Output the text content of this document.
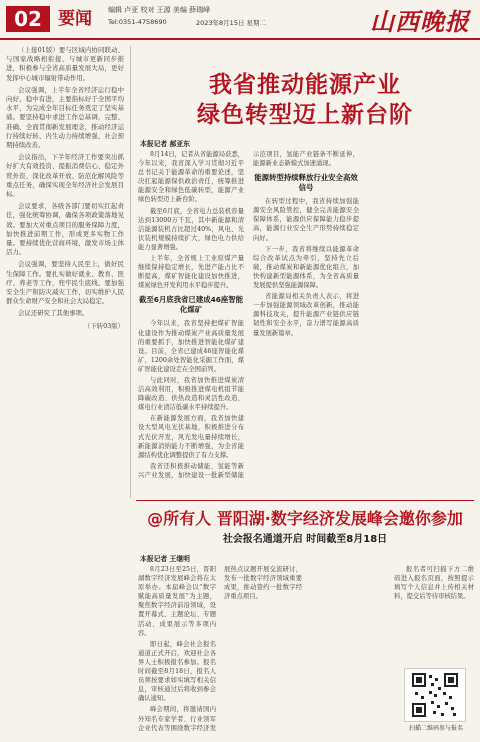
02 要闻 编辑 卢亚 校对 王源 美编 薛瑞峰
Tel:0351-4758690	2023年8月15日 星期二	山西晚报

（上接01版）要与区域内协同联动、与国家战略相衔接、与城市更新同步推进，积极参与全省高质量发展大局，更好发挥中心城市辐射带动作用。

会议强调，上半年全省经济运行稳中向好、稳中有进，主要指标好于全国平均水平，为完成全年目标任务奠定了坚实基础。要坚持稳中求进工作总基调，完整、准确、全面贯彻新发展理念，推动经济运行持续好转、内生动力持续增强、社会预期持续改善。

会议指出，下半年经济工作要突出抓好扩大有效投资、提振消费信心、稳定外贸外资、深化改革开放、防范化解风险等重点任务，确保实现全年经济社会发展目标。

会议要求，各级各部门要切实扛起责任，强化统筹协调，确保各项政策落地见效。要加大对重点项目的服务保障力度，加快推进前期工作，形成更多实物工作量。要持续优化营商环境，激发市场主体活力。

会议强调，要坚持人民至上，做好民生保障工作。要扎实做好就业、教育、医疗、养老等工作，兜牢民生底线。要加强安全生产和防灾减灾工作，切实维护人民群众生命财产安全和社会大局稳定。

会议还研究了其他事项。

（下转03版）

我省推动能源产业
绿色转型迈上新台阶
本报记者 郝亚东

8月14日，记者从省能源局获悉，今年以来，我省深入学习贯彻习近平总书记关于能源革命的重要论述，坚决扛起能源保供政治责任，统筹推进能源安全和绿色低碳转型，能源产业绿色转型迈上新台阶。

截至6月底，全省电力总装机容量达到13000万千瓦，其中新能源和清洁能源装机占比超过40%，风电、光伏装机规模持续扩大，绿色电力供给能力显著增强。

上半年，全省规上工业原煤产量继续保持稳定增长，先进产能占比不断提高，煤矿智能化建设加快推进，煤炭绿色开发利用水平稳步提升。

截至6月底我省已建成46座智能化煤矿

今年以来，我省坚持把煤矿智能化建设作为推动煤炭产业高质量发展的重要抓手，加快推进智能化煤矿建设。目前，全省已建成46座智能化煤矿、1200余处智能化采掘工作面，煤矿智能化建设走在全国前列。

与此同时，我省加快推进煤炭清洁高效利用，积极推进煤电机组节能降碳改造、供热改造和灵活性改造，煤电行业清洁低碳水平持续提升。

在新能源发展方面，我省加快建设大型风电光伏基地，积极推进分布式光伏开发，风光发电量持续增长，新能源消纳能力不断增强，为全省能源结构优化调整提供了有力支撑。

我省还积极推动储能、氢能等新兴产业发展，加快建设一批新型储能示范项目，氢能产业链条不断延伸，能源新业态新模式加速涌现。

能源转型持续释放行业安全高效信号

在转型过程中，我省持续加强能源安全风险管控，健全完善能源安全保障体系，能源供应保障能力稳步提高，能源行业安全生产形势持续稳定向好。

下一步，我省将继续以能源革命综合改革试点为牵引，坚持先立后破，推动煤炭和新能源优化组合，加快构建新型能源体系，为全省高质量发展提供坚强能源保障。

省能源局相关负责人表示，将进一步加强能源领域改革创新，推动能源科技攻关，提升能源产业链供应链韧性和安全水平，奋力谱写能源高质量发展新篇章。

@所有人 晋阳湖·数字经济发展峰会邀你参加
社会报名通道开启 时间截至8月18日
本报记者 王继明

8月23日至25日，晋阳湖数字经济发展峰会将在太原举办。本届峰会以“数字赋能高质量发展”为主题，聚焦数字经济前沿领域，设置开幕式、主题论坛、专题活动、成果展示等多项内容。

即日起，峰会社会报名通道正式开启，欢迎社会各界人士积极报名参加。报名时间截至8月18日，报名人员须按要求如实填写相关信息，审核通过后将收到参会确认通知。

峰会期间，将邀请国内外知名专家学者、行业领军企业代表等围绕数字经济发展热点议题开展交流研讨，发布一批数字经济领域重要成果，推动签约一批数字经济重点项目。

报名者可扫描下方二维码进入报名页面，按照提示填写个人信息并上传相关材料，提交后等待审核结果。

扫描二维码参与报名
